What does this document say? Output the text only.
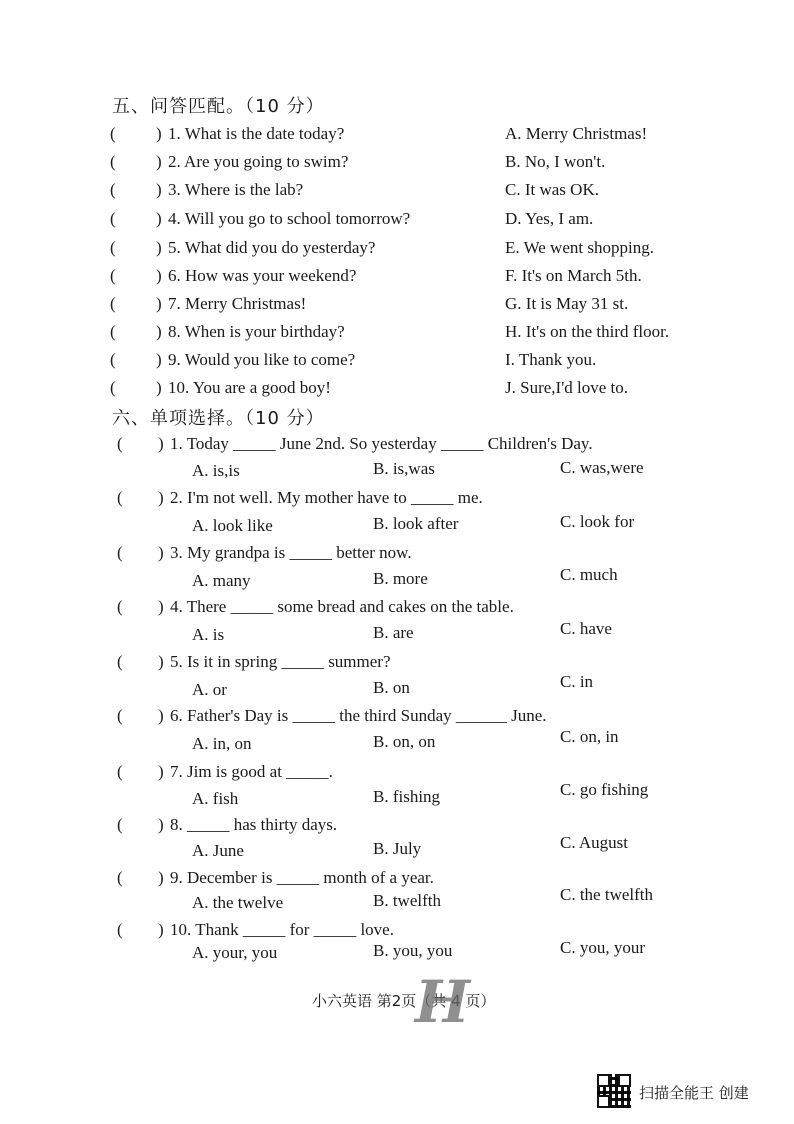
五、问答匹配。（10 分）
( ) 1. What is the date today?	A. Merry Christmas!
( ) 2. Are you going to swim?	B. No, I won't.
( ) 3. Where is the lab?	C. It was OK.
( ) 4. Will you go to school tomorrow?	D. Yes, I am.
( ) 5. What did you do yesterday?	E. We went shopping.
( ) 6. How was your weekend?	F. It's on March 5th.
( ) 7. Merry Christmas!	G. It is May 31 st.
( ) 8. When is your birthday?	H. It's on the third floor.
( ) 9. Would you like to come?	I. Thank you.
( ) 10. You are a good boy!	J. Sure,I'd love to.
六、单项选择。（10 分）
( ) 1. Today _____ June 2nd. So yesterday _____ Children's Day.
A. is,is	B. is,was	C. was,were
( ) 2. I'm not well. My mother have to _____ me.
A. look like	B. look after	C. look for
( ) 3. My grandpa is _____ better now.
A. many	B. more	C. much
( ) 4. There _____ some bread and cakes on the table.
A. is	B. are	C. have
( ) 5. Is it in spring _____ summer?
A. or	B. on	C. in
( ) 6. Father's Day is _____ the third Sunday ______ June.
A. in, on	B. on, on	C. on, in
( ) 7. Jim is good at _____.
A. fish	B. fishing	C. go fishing
( ) 8. _____ has thirty days.
A. June	B. July	C. August
( ) 9. December is _____ month of a year.
A. the twelve	B. twelfth	C. the twelfth
( ) 10. Thank _____ for _____ love.
A. your, you	B. you, you	C. you, your
小六英语 第2页（共 4 页）
H
扫描全能王 创建
